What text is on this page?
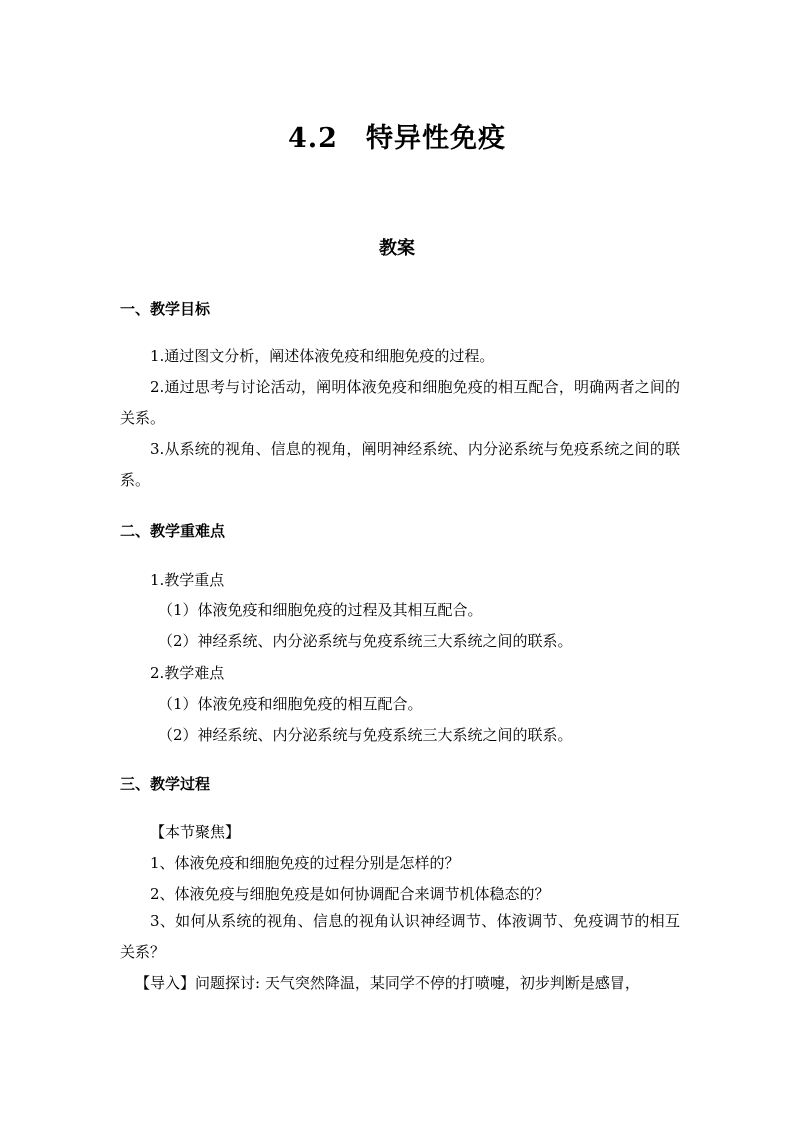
4.2 特异性免疫
教案
一、教学目标
1.通过图文分析，阐述体液免疫和细胞免疫的过程。
2.通过思考与讨论活动，阐明体液免疫和细胞免疫的相互配合，明确两者之间的关系。
3.从系统的视角、信息的视角，阐明神经系统、内分泌系统与免疫系统之间的联系。
二、教学重难点
1.教学重点
（1）体液免疫和细胞免疫的过程及其相互配合。
（2）神经系统、内分泌系统与免疫系统三大系统之间的联系。
2.教学难点
（1）体液免疫和细胞免疫的相互配合。
（2）神经系统、内分泌系统与免疫系统三大系统之间的联系。
三、教学过程
【本节聚焦】
1、体液免疫和细胞免疫的过程分别是怎样的？
2、体液免疫与细胞免疫是如何协调配合来调节机体稳态的？
3、如何从系统的视角、信息的视角认识神经调节、体液调节、免疫调节的相互关系？
【导入】问题探讨: 天气突然降温，某同学不停的打喷嚏，初步判断是感冒，
